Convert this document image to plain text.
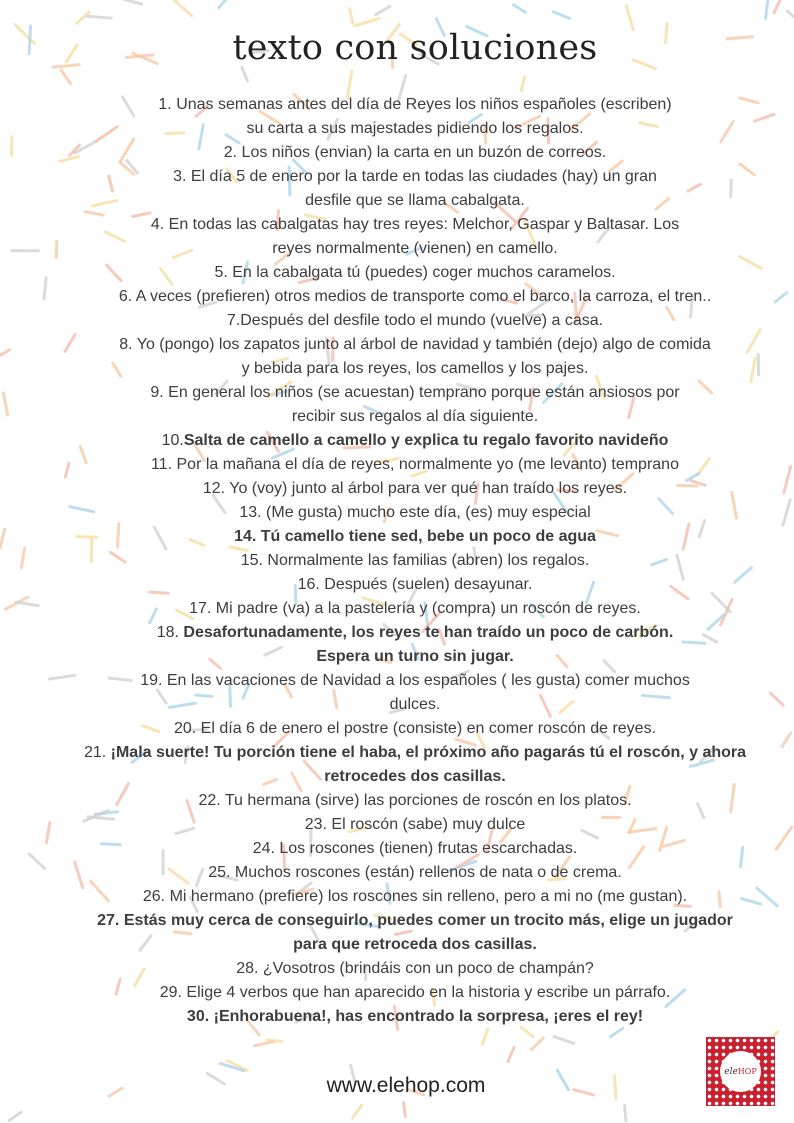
texto con soluciones
1. Unas semanas antes del día de Reyes los niños españoles (escriben)
su carta a sus majestades pidiendo los regalos.
2. Los niños (envian) la carta en un buzón de correos.
3. El día 5 de enero por la tarde en todas las ciudades (hay) un gran
desfile que se llama cabalgata.
4. En todas las cabalgatas hay tres reyes: Melchor, Gaspar y Baltasar. Los
reyes normalmente (vienen) en camello.
5. En la cabalgata tú (puedes) coger muchos caramelos.
6. A veces (prefieren) otros medios de transporte como el barco, la carroza, el tren..
7.Después del desfile todo el mundo (vuelve) a casa.
8. Yo (pongo) los zapatos junto al árbol de navidad y también (dejo) algo de comida
y bebida para los reyes, los camellos y los pajes.
9. En general los niños (se acuestan) temprano porque están ansiosos por
recibir sus regalos al día siguiente.
10.Salta de camello a camello y explica tu regalo favorito navideño
11. Por la mañana el día de reyes, normalmente yo (me levanto) temprano
12. Yo (voy) junto al árbol para ver qué han traído los reyes.
13. (Me gusta) mucho este día, (es) muy especial
14. Tú camello tiene sed, bebe un poco de agua
15. Normalmente las familias (abren) los regalos.
16. Después (suelen) desayunar.
17. Mi padre (va) a la pastelería y (compra) un roscón de reyes.
18. Desafortunadamente, los reyes te han traído un poco de carbón.
Espera un turno sin jugar.
19. En las vacaciones de Navidad a los españoles ( les gusta) comer muchos
dulces.
20. El día 6 de enero el postre (consiste) en comer roscón de reyes.
21. ¡Mala suerte! Tu porción tiene el haba, el próximo año pagarás tú el roscón, y ahora
retrocedes dos casillas.
22. Tu hermana (sirve) las porciones de roscón en los platos.
23. El roscón (sabe) muy dulce
24. Los roscones (tienen) frutas escarchadas.
25. Muchos roscones (están) rellenos de nata o de crema.
26. Mi hermano (prefiere) los roscones sin relleno, pero a mi no (me gustan).
27. Estás muy cerca de conseguirlo, puedes comer un trocito más, elige un jugador
para que retroceda dos casillas.
28. ¿Vosotros (brindáis con un poco de champán?
29. Elige 4 verbos que han aparecido en la historia y escribe un párrafo.
30. ¡Enhorabuena!, has encontrado la sorpresa, ¡eres el rey!
www.elehop.com
eleHOP
